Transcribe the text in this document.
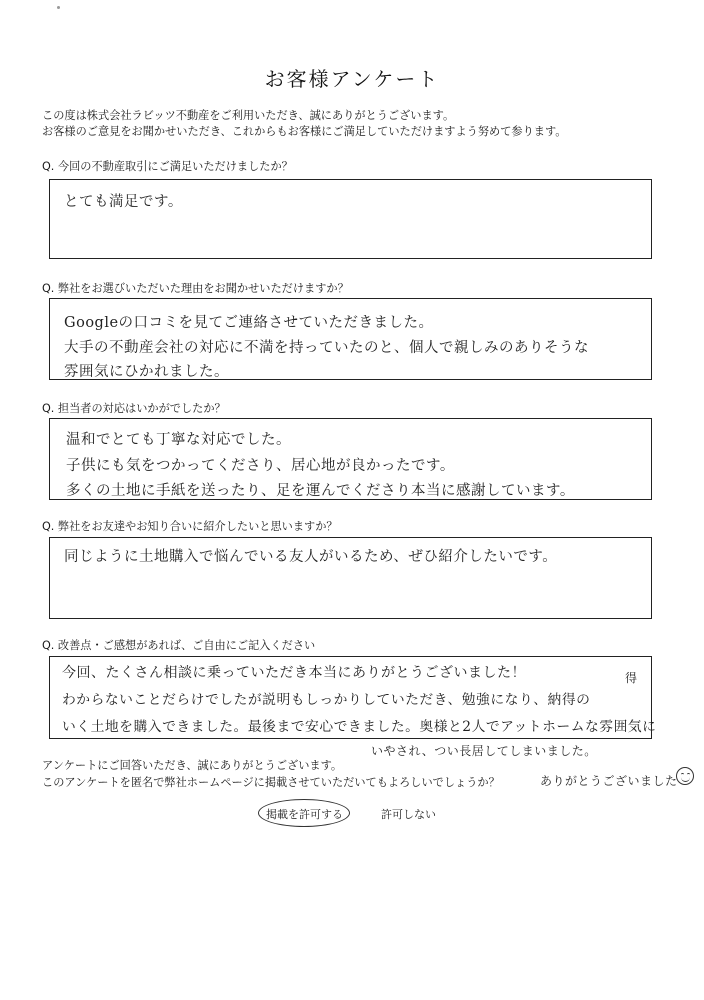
お客様アンケート
この度は株式会社ラビッツ不動産をご利用いただき、誠にありがとうございます。
お客様のご意見をお聞かせいただき、これからもお客様にご満足していただけますよう努めて参ります。
Q. 今回の不動産取引にご満足いただけましたか？
とても満足です。
Q. 弊社をお選びいただいた理由をお聞かせいただけますか？
Googleの口コミを見てご連絡させていただきました。
大手の不動産会社の対応に不満を持っていたのと、個人で親しみのありそうな
雰囲気にひかれました。
Q. 担当者の対応はいかがでしたか？
温和でとても丁寧な対応でした。
子供にも気をつかってくださり、居心地が良かったです。
多くの土地に手紙を送ったり、足を運んでくださり本当に感謝しています。
Q. 弊社をお友達やお知り合いに紹介したいと思いますか？
同じように土地購入で悩んでいる友人がいるため、ぜひ紹介したいです。
Q. 改善点・ご感想があれば、ご自由にご記入ください
得
今回、たくさん相談に乗っていただき本当にありがとうございました！
わからないことだらけでしたが説明もしっかりしていただき、勉強になり、納得の
いく土地を購入できました。最後まで安心できました。奥様と2人でアットホームな雰囲気に
いやされ、つい長居してしまいました。
アンケートにご回答いただき、誠にありがとうございます。
このアンケートを匿名で弊社ホームページに掲載させていただいてもよろしいでしょうか？	ありがとうございました
掲載を許可する	許可しない
